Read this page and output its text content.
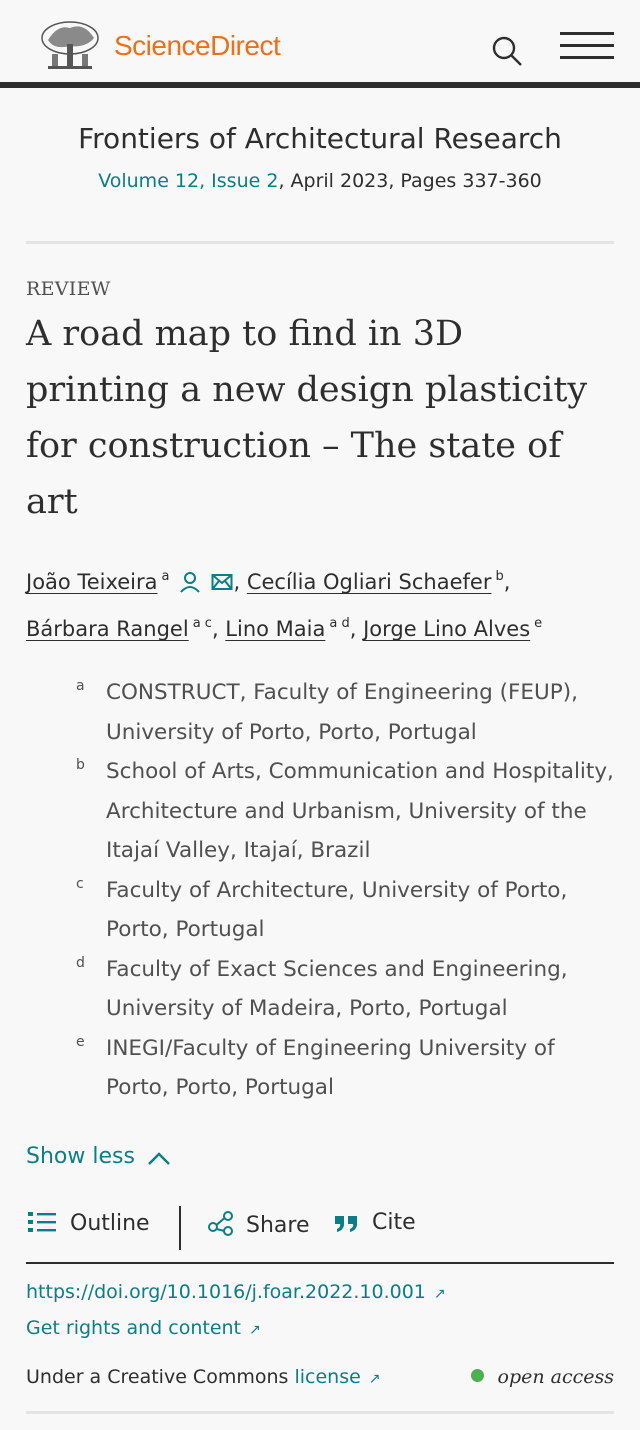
ScienceDirect
Frontiers of Architectural Research
Volume 12, Issue 2, April 2023, Pages 337-360
REVIEW
A road map to find in 3D printing a new design plasticity for construction – The state of art
João Teixeira $^a$	, Cecília Ogliari Schaefer $^b$,
Bárbara Rangel $^{a c}$, Lino Maia $^{a d}$, Jorge Lino Alves $^e$
a CONSTRUCT, Faculty of Engineering (FEUP), University of Porto, Porto, Portugal
b School of Arts, Communication and Hospitality, Architecture and Urbanism, University of the Itajaí Valley, Itajaí, Brazil
c Faculty of Architecture, University of Porto, Porto, Portugal
d Faculty of Exact Sciences and Engineering, University of Madeira, Porto, Portugal
e INEGI/Faculty of Engineering University of Porto, Porto, Portugal
Show less
Outline	Share	Cite
https://doi.org/10.1016/j.foar.2022.10.001 ↗
Get rights and content ↗
Under a Creative Commons license ↗	open access
